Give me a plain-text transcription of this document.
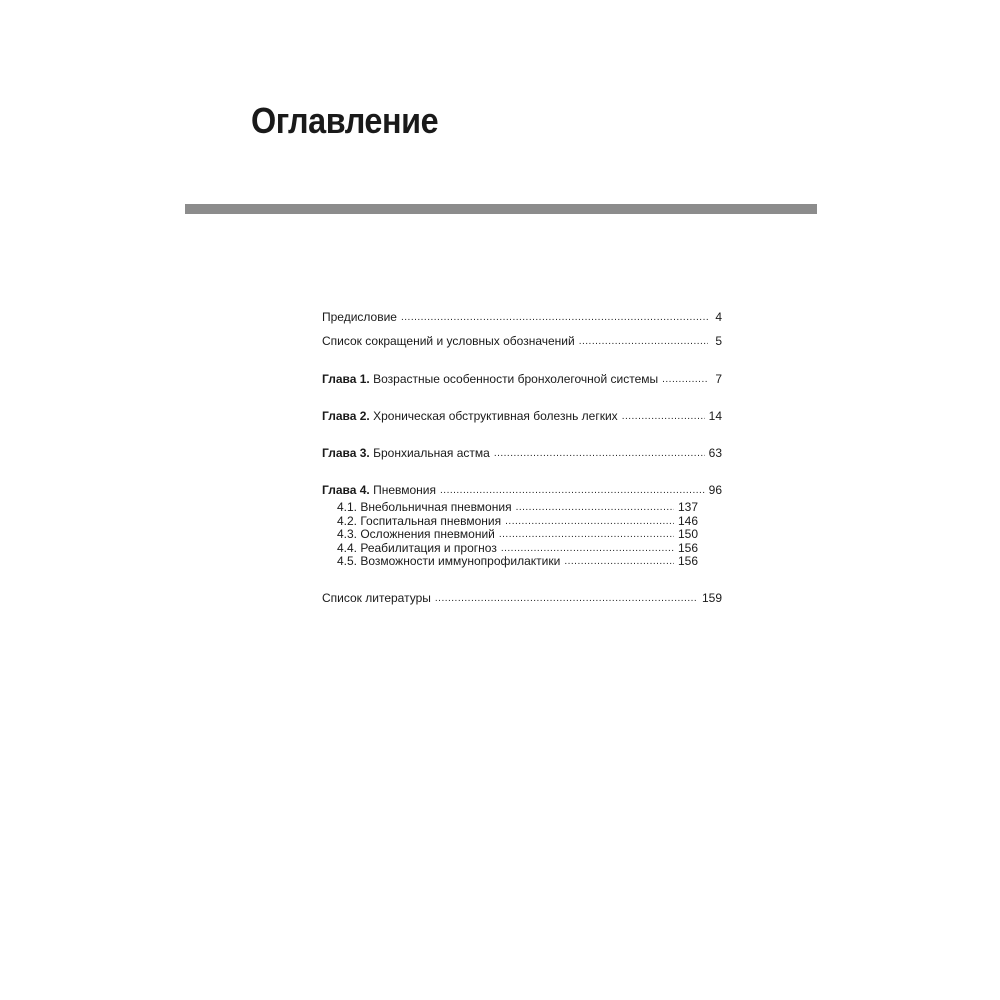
Оглавление
Предисловие .....	4
Список сокращений и условных обозначений .....	5
Глава 1. Возрастные особенности бронхолегочной системы .....	7
Глава 2. Хроническая обструктивная болезнь легких .....	14
Глава 3. Бронхиальная астма .....	63
Глава 4. Пневмония .....	96
4.1. Внебольничная пневмония .....	137
4.2. Госпитальная пневмония .....	146
4.3. Осложнения пневмоний .....	150
4.4. Реабилитация и прогноз .....	156
4.5. Возможности иммунопрофилактики .....	156
Список литературы .....	159
